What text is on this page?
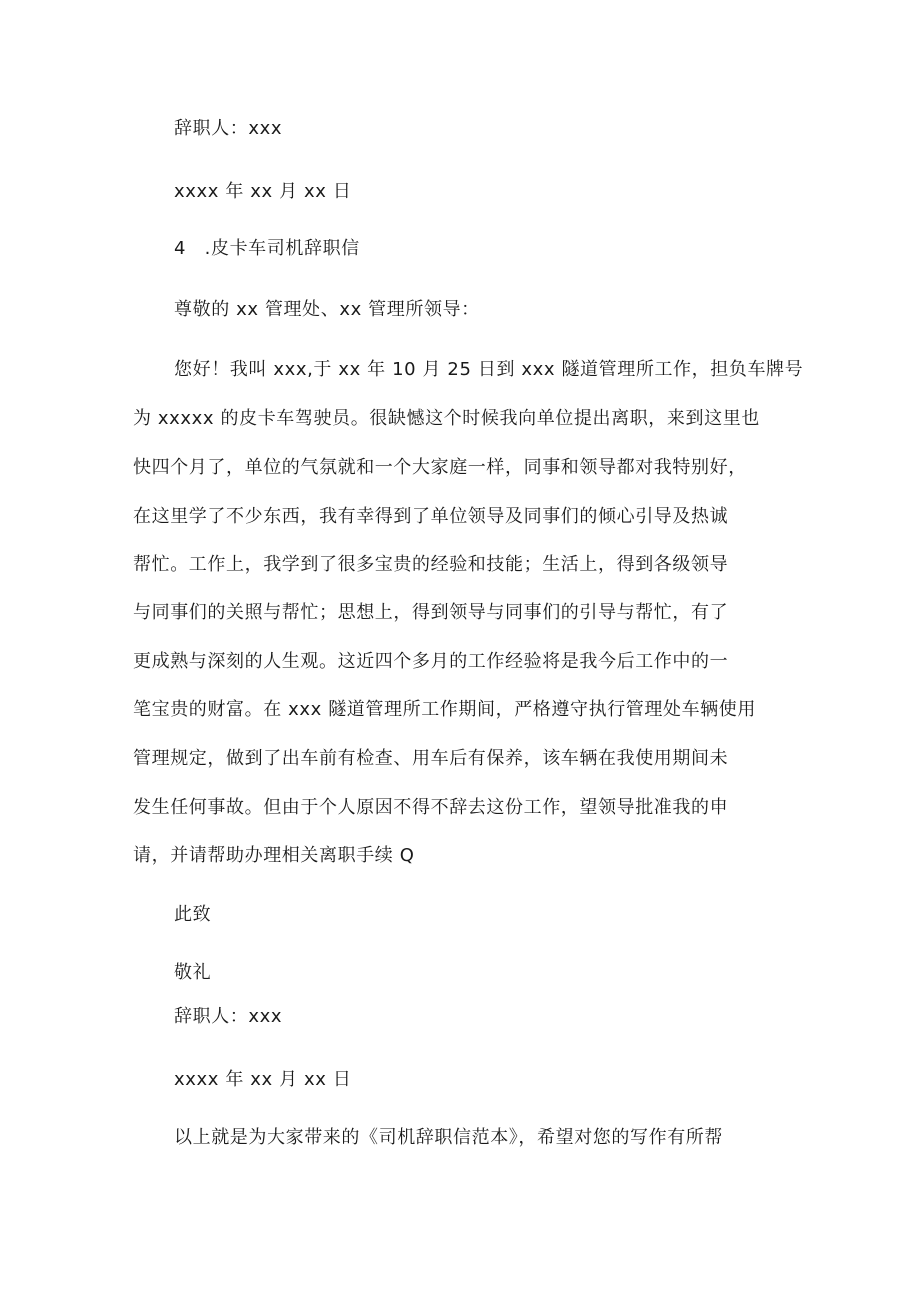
辞职人：xxx
xxxx 年 xx 月 xx 日
4　.皮卡车司机辞职信
尊敬的 xx 管理处、xx 管理所领导：
您好！我叫 xxx,于 xx 年 10 月 25 日到 xxx 隧道管理所工作，担负车牌号
为 xxxxx 的皮卡车驾驶员。很缺憾这个时候我向单位提出离职，来到这里也
快四个月了，单位的气氛就和一个大家庭一样，同事和领导都对我特别好，
在这里学了不少东西，我有幸得到了单位领导及同事们的倾心引导及热诚
帮忙。工作上，我学到了很多宝贵的经验和技能；生活上，得到各级领导
与同事们的关照与帮忙；思想上，得到领导与同事们的引导与帮忙，有了
更成熟与深刻的人生观。这近四个多月的工作经验将是我今后工作中的一
笔宝贵的财富。在 xxx 隧道管理所工作期间，严格遵守执行管理处车辆使用
管理规定，做到了出车前有检查、用车后有保养，该车辆在我使用期间未
发生任何事故。但由于个人原因不得不辞去这份工作，望领导批准我的申
请，并请帮助办理相关离职手续 Q
此致
敬礼
辞职人：xxx
xxxx 年 xx 月 xx 日
以上就是为大家带来的《司机辞职信范本》，希望对您的写作有所帮
